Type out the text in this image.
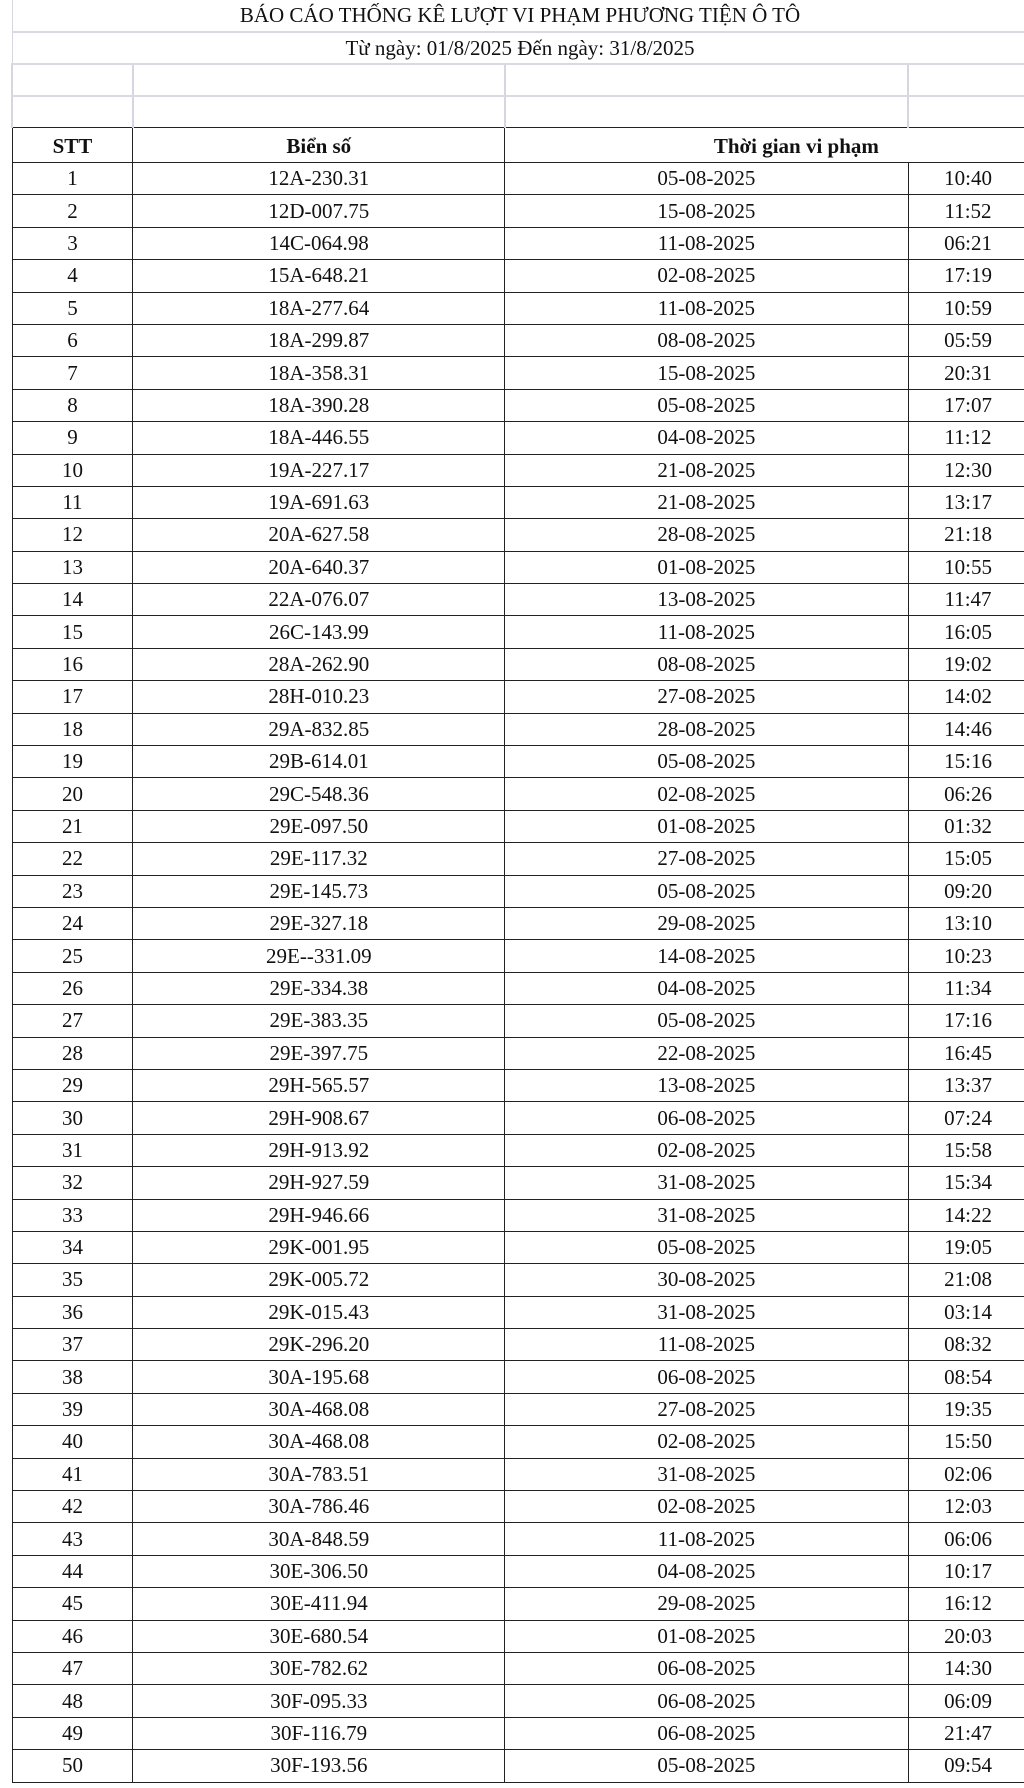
BÁO CÁO THỐNG KÊ LƯỢT VI PHẠM PHƯƠNG TIỆN Ô TÔ			
Từ ngày: 01/8/2025 Đến ngày: 31/8/2025			

STT	Biển số	Thời gian vi phạm	
1	12A-230.31	05-08-2025	10:40
2	12D-007.75	15-08-2025	11:52
3	14C-064.98	11-08-2025	06:21
4	15A-648.21	02-08-2025	17:19
5	18A-277.64	11-08-2025	10:59
6	18A-299.87	08-08-2025	05:59
7	18A-358.31	15-08-2025	20:31
8	18A-390.28	05-08-2025	17:07
9	18A-446.55	04-08-2025	11:12
10	19A-227.17	21-08-2025	12:30
11	19A-691.63	21-08-2025	13:17
12	20A-627.58	28-08-2025	21:18
13	20A-640.37	01-08-2025	10:55
14	22A-076.07	13-08-2025	11:47
15	26C-143.99	11-08-2025	16:05
16	28A-262.90	08-08-2025	19:02
17	28H-010.23	27-08-2025	14:02
18	29A-832.85	28-08-2025	14:46
19	29B-614.01	05-08-2025	15:16
20	29C-548.36	02-08-2025	06:26
21	29E-097.50	01-08-2025	01:32
22	29E-117.32	27-08-2025	15:05
23	29E-145.73	05-08-2025	09:20
24	29E-327.18	29-08-2025	13:10
25	29E--331.09	14-08-2025	10:23
26	29E-334.38	04-08-2025	11:34
27	29E-383.35	05-08-2025	17:16
28	29E-397.75	22-08-2025	16:45
29	29H-565.57	13-08-2025	13:37
30	29H-908.67	06-08-2025	07:24
31	29H-913.92	02-08-2025	15:58
32	29H-927.59	31-08-2025	15:34
33	29H-946.66	31-08-2025	14:22
34	29K-001.95	05-08-2025	19:05
35	29K-005.72	30-08-2025	21:08
36	29K-015.43	31-08-2025	03:14
37	29K-296.20	11-08-2025	08:32
38	30A-195.68	06-08-2025	08:54
39	30A-468.08	27-08-2025	19:35
40	30A-468.08	02-08-2025	15:50
41	30A-783.51	31-08-2025	02:06
42	30A-786.46	02-08-2025	12:03
43	30A-848.59	11-08-2025	06:06
44	30E-306.50	04-08-2025	10:17
45	30E-411.94	29-08-2025	16:12
46	30E-680.54	01-08-2025	20:03
47	30E-782.62	06-08-2025	14:30
48	30F-095.33	06-08-2025	06:09
49	30F-116.79	06-08-2025	21:47
50	30F-193.56	05-08-2025	09:54
